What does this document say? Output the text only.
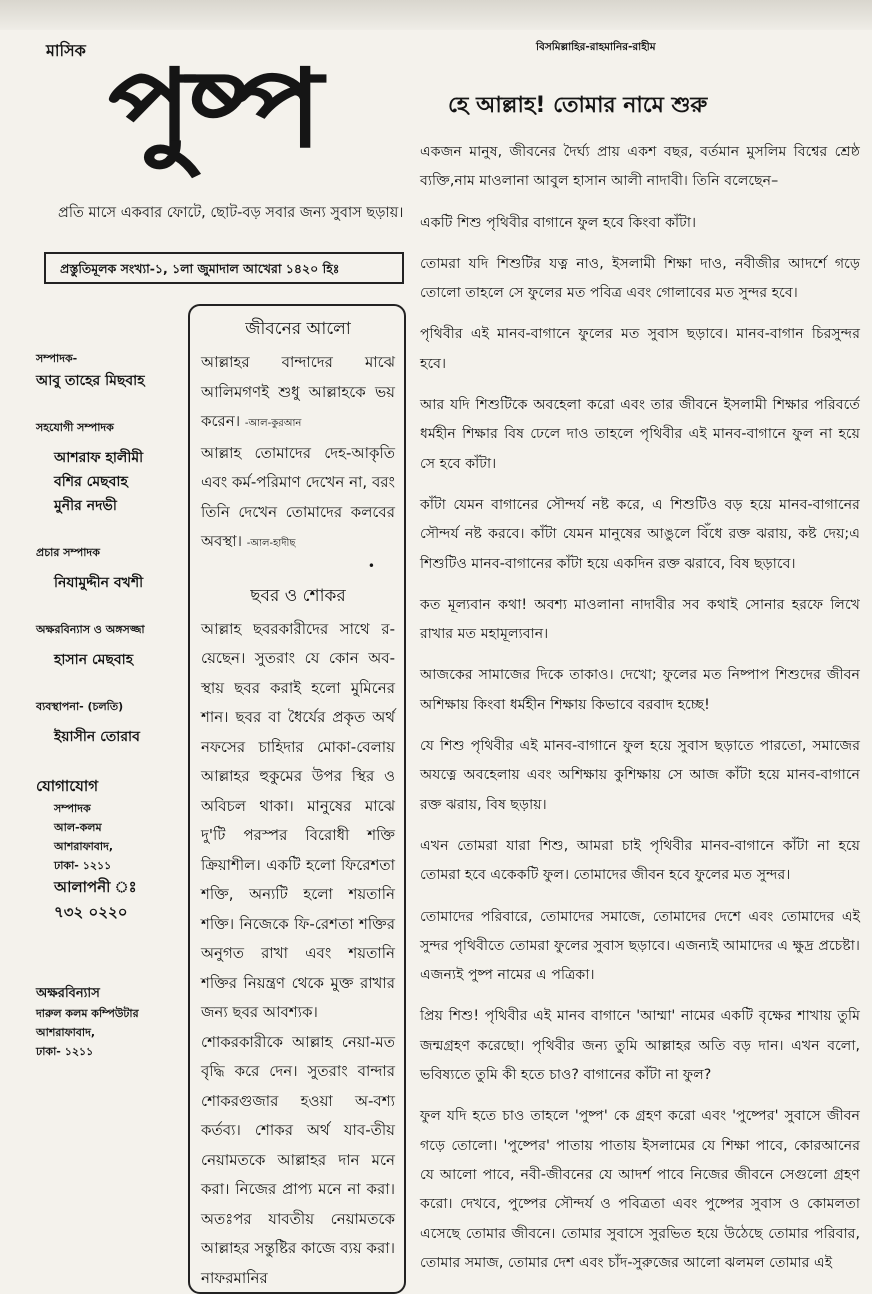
মাসিক পুষ্প
প্রতি মাসে একবার ফোটে, ছোট-বড় সবার জন্য সুবাস ছড়ায়।
প্রস্তুতিমূলক সংখ্যা-১, ১লা জুমাদাল আখেরা ১৪২০ হিঃ
সম্পাদক-
আবু তাহের মিছবাহ
সহযোগী সম্পাদক
আশরাফ হালীমী
বশির মেছবাহ
মুনীর নদভী
প্রচার সম্পাদক
নিযামুদ্দীন বখশী
অক্ষরবিন্যাস ও অঙ্গসজ্জা
হাসান মেছবাহ
ব্যবস্থাপনা- (চলতি)
ইয়াসীন তোরাব
যোগাযোগ
সম্পাদক
আল-কলম
আশরাফাবাদ,
ঢাকা- ১২১১
আলাপনী ঃ
৭৩২ ০২২০
অক্ষরবিন্যাস
দারুল কলম কম্পিউটার
আশরাফাবাদ,
ঢাকা- ১২১১
জীবনের আলো

আল্লাহর বান্দাদের মাঝে আলিমগণই শুধু আল্লাহকে ভয় করেন। -আল-কুরআন

আল্লাহ তোমাদের দেহ-আকৃতি এবং কর্ম-পরিমাণ দেখেন না, বরং তিনি দেখেন তোমাদের কলবের অবস্থা। -আল-হাদীছ

•
ছবর ও শোকর

আল্লাহ ছবরকারীদের সাথে র-য়েছেন। সুতরাং যে কোন অব-স্থায় ছবর করাই হলো মুমিনের শান। ছবর বা ধৈর্যের প্রকৃত অর্থ নফসের চাহিদার মোকা-বেলায় আল্লাহর হুকুমের উপর স্থির ও অবিচল থাকা। মানুষের মাঝে দু'টি পরস্পর বিরোধী শক্তি ক্রিয়াশীল। একটি হলো ফিরেশতা শক্তি, অন্যটি হলো শয়তানি শক্তি। নিজেকে ফি-রেশতা শক্তির অনুগত রাখা এবং শয়তানি শক্তির নিয়ন্ত্রণ থেকে মুক্ত রাখার জন্য ছবর আবশ্যক।

শোকরকারীকে আল্লাহ নেয়া-মত বৃদ্ধি করে দেন। সুতরাং বান্দার শোকরগুজার হওয়া অ-বশ্য কর্তব্য। শোকর অর্থ যাব-তীয় নেয়ামতকে আল্লাহর দান মনে করা। নিজের প্রাপ্য মনে না করা। অতঃপর যাবতীয় নেয়ামতকে আল্লাহর সন্তুষ্টির কাজে ব্যয় করা। নাফরমানির

বিসমিল্লাহির-রাহমানির-রাহীম
হে আল্লাহ! তোমার নামে শুরু

একজন মানুষ, জীবনের দৈর্ঘ্য প্রায় একশ বছর, বর্তমান মুসলিম বিশ্বের শ্রেষ্ঠ ব্যক্তি,নাম মাওলানা আবুল হাসান আলী নাদাবী। তিনি বলেছেন–

একটি শিশু পৃথিবীর বাগানে ফুল হবে কিংবা কাঁটা।

তোমরা যদি শিশুটির যত্ন নাও, ইসলামী শিক্ষা দাও, নবীজীর আদর্শে গড়ে তোলো তাহলে সে ফুলের মত পবিত্র এবং গোলাবের মত সুন্দর হবে।

পৃথিবীর এই মানব-বাগানে ফুলের মত সুবাস ছড়াবে। মানব-বাগান চিরসুন্দর হবে।

আর যদি শিশুটিকে অবহেলা করো এবং তার জীবনে ইসলামী শিক্ষার পরিবর্তে ধর্মহীন শিক্ষার বিষ ঢেলে দাও তাহলে পৃথিবীর এই মানব-বাগানে ফুল না হয়ে সে হবে কাঁটা।

কাঁটা যেমন বাগানের সৌন্দর্য নষ্ট করে, এ শিশুটিও বড় হয়ে মানব-বাগানের সৌন্দর্য নষ্ট করবে। কাঁটা যেমন মানুষের আঙুলে বিঁধে রক্ত ঝরায়, কষ্ট দেয়;এ শিশুটিও মানব-বাগানের কাঁটা হয়ে একদিন রক্ত ঝরাবে, বিষ ছড়াবে।

কত মূল্যবান কথা! অবশ্য মাওলানা নাদাবীর সব কথাই সোনার হরফে লিখে রাখার মত মহামূল্যবান।

আজকের সামাজের দিকে তাকাও। দেখো; ফুলের মত নিষ্পাপ শিশুদের জীবন অশিক্ষায় কিংবা ধর্মহীন শিক্ষায় কিভাবে বরবাদ হচ্ছে!

যে শিশু পৃথিবীর এই মানব-বাগানে ফুল হয়ে সুবাস ছড়াতে পারতো, সমাজের অযত্নে অবহেলায় এবং অশিক্ষায় কুশিক্ষায় সে আজ কাঁটা হয়ে মানব-বাগানে রক্ত ঝরায়, বিষ ছড়ায়।

এখন তোমরা যারা শিশু, আমরা চাই পৃথিবীর মানব-বাগানে কাঁটা না হয়ে তোমরা হবে একেকটি ফুল। তোমাদের জীবন হবে ফুলের মত সুন্দর।

তোমাদের পরিবারে, তোমাদের সমাজে, তোমাদের দেশে এবং তোমাদের এই সুন্দর পৃথিবীতে তোমরা ফুলের সুবাস ছড়াবে। এজন্যই আমাদের এ ক্ষুদ্র প্রচেষ্টা। এজন্যই পুষ্প নামের এ পত্রিকা।

প্রিয় শিশু! পৃথিবীর এই মানব বাগানে 'আম্মা' নামের একটি বৃক্ষের শাখায় তুমি জন্মগ্রহণ করেছো। পৃথিবীর জন্য তুমি আল্লাহর অতি বড় দান। এখন বলো, ভবিষ্যতে তুমি কী হতে চাও? বাগানের কাঁটা না ফুল?

ফুল যদি হতে চাও তাহলে 'পুষ্প' কে গ্রহণ করো এবং 'পুষ্পের' সুবাসে জীবন গড়ে তোলো। 'পুষ্পের' পাতায় পাতায় ইসলামের যে শিক্ষা পাবে, কোরআনের যে আলো পাবে, নবী-জীবনের যে আদর্শ পাবে নিজের জীবনে সেগুলো গ্রহণ করো। দেখবে, পুষ্পের সৌন্দর্য ও পবিত্রতা এবং পুষ্পের সুবাস ও কোমলতা এসেছে তোমার জীবনে। তোমার সুবাসে সুরভিত হয়ে উঠেছে তোমার পরিবার, তোমার সমাজ, তোমার দেশ এবং চাঁদ-সুরুজের আলো ঝলমল তোমার এই
